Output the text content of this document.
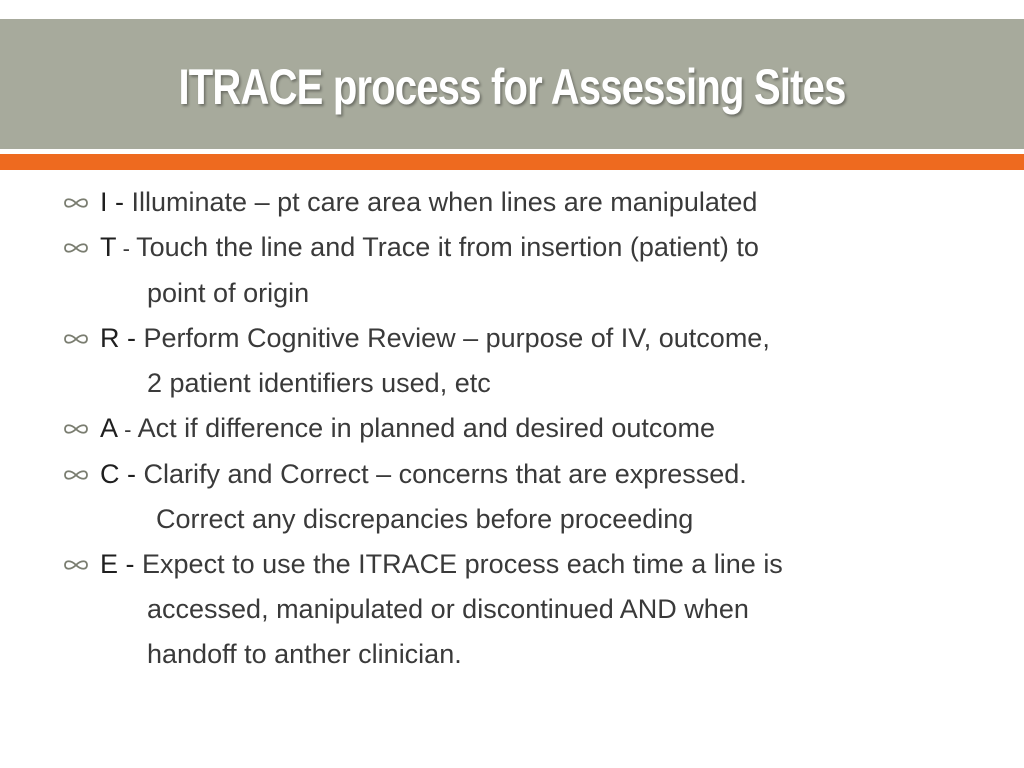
ITRACE process for Assessing Sites
I - Illuminate – pt care area when lines are manipulated
T - Touch the line and Trace it from insertion (patient) to
point of origin
R - Perform Cognitive Review – purpose of IV, outcome,
2 patient identifiers used, etc
A - Act if difference in planned and desired outcome
C - Clarify and Correct – concerns that are expressed.
Correct any discrepancies before proceeding
E - Expect to use the ITRACE process each time a line is
accessed, manipulated or discontinued AND when
handoff to anther clinician.
